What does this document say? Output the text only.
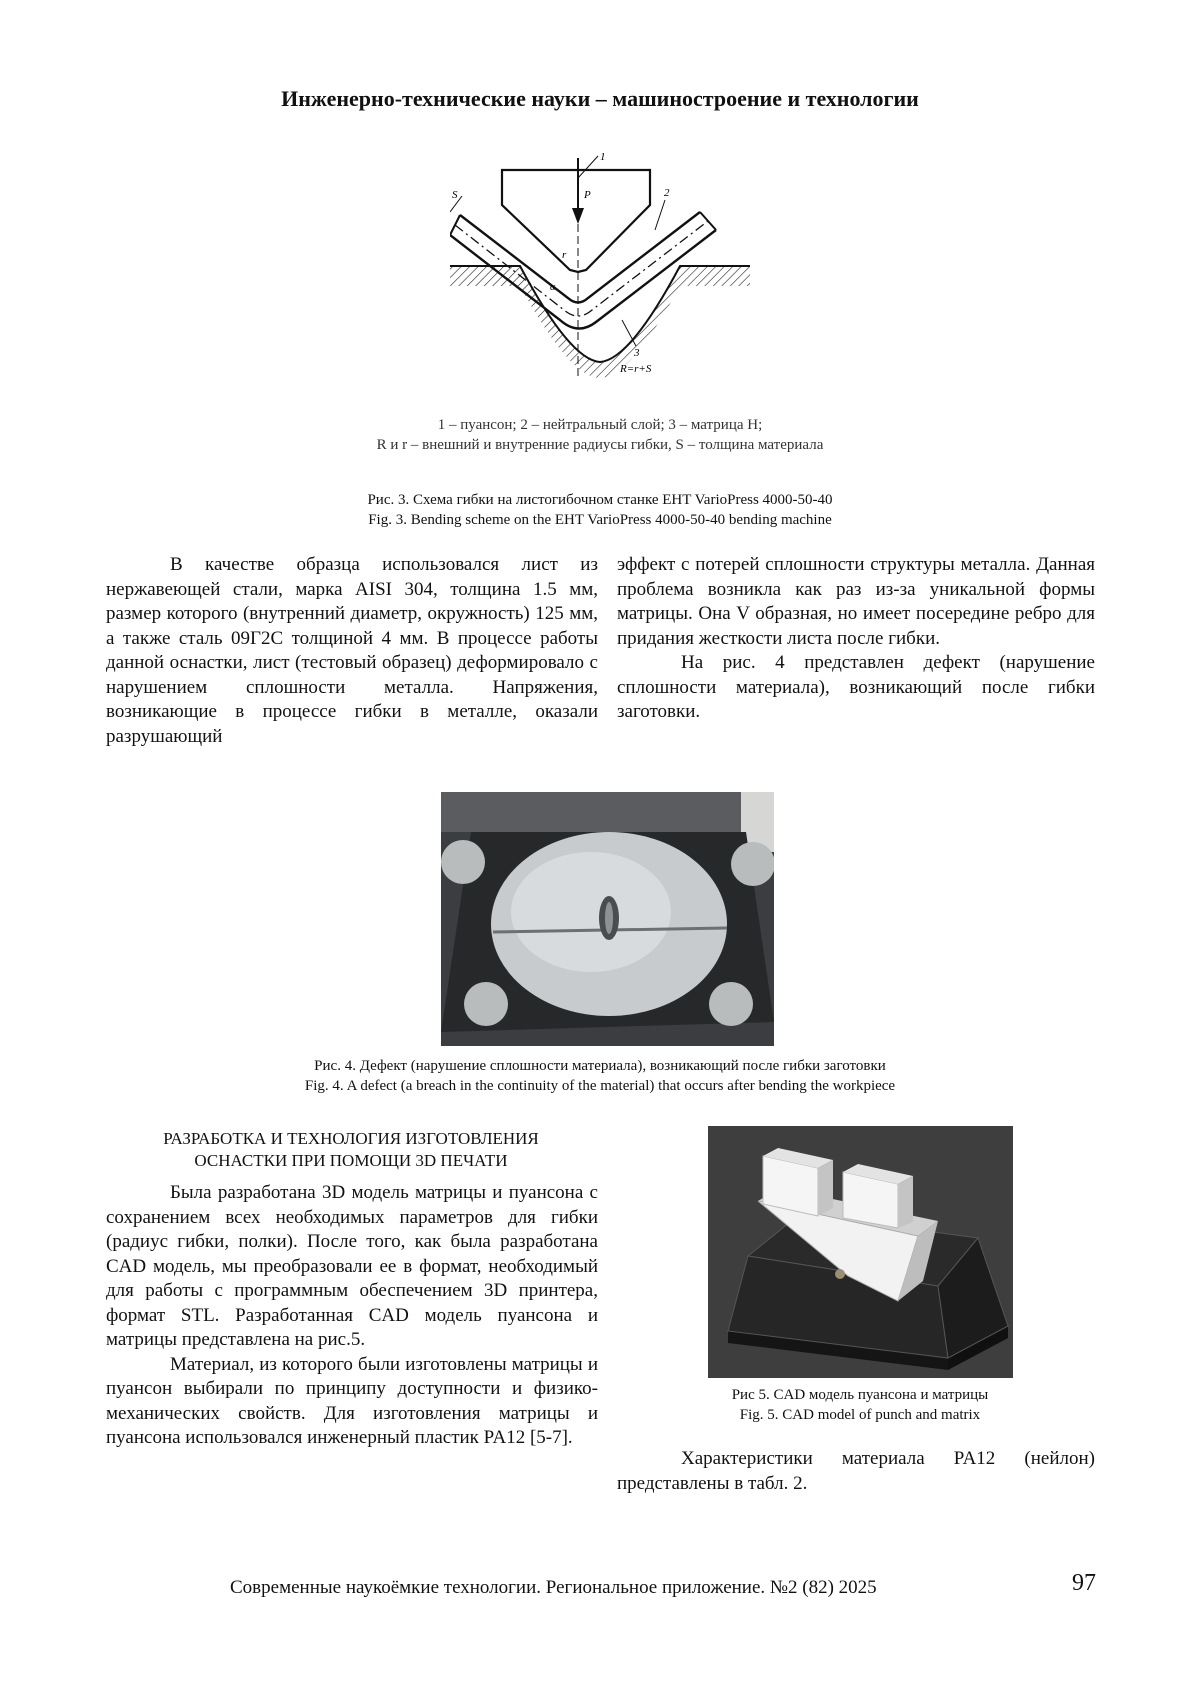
Инженерно-технические науки – машиностроение и технологии
1
2
3
S	P
r
α
R=r+S
1 – пуансон; 2 – нейтральный слой; 3 – матрица H;
R и r – внешний и внутренние радиусы гибки, S – толщина материала
Рис. 3. Схема гибки на листогибочном станке EHT VarioPress 4000-50-40
Fig. 3. Bending scheme on the EHT VarioPress 4000-50-40 bending machine

В качестве образца использовался лист из нержавеющей стали, марка AISI 304, толщина 1.5 мм, размер которого (внутренний диаметр, окружность) 125 мм, а также сталь 09Г2С толщиной 4 мм. В процессе работы данной оснастки, лист (тестовый образец) деформировало с нарушением сплошности металла. Напряжения, возникающие в процессе гибки в металле, оказали разрушающий

эффект с потерей сплошности структуры металла. Данная проблема возникла как раз из-за уникальной формы матрицы. Она V образная, но имеет посередине ребро для придания жесткости листа после гибки.

На рис. 4 представлен дефект (нарушение сплошности материала), возникающий после гибки заготовки.

Рис. 4. Дефект (нарушение сплошности материала), возникающий после гибки заготовки
Fig. 4. A defect (a breach in the continuity of the material) that occurs after bending the workpiece
РАЗРАБОТКА И ТЕХНОЛОГИЯ ИЗГОТОВЛЕНИЯ
ОСНАСТКИ ПРИ ПОМОЩИ 3D ПЕЧАТИ

Была разработана 3D модель матрицы и пуансона с сохранением всех необходимых параметров для гибки (радиус гибки, полки). После того, как была разработана CAD модель, мы преобразовали ее в формат, необходимый для работы с программным обеспечением 3D принтера, формат STL. Разработанная CAD модель пуансона и матрицы представлена на рис.5.

Материал, из которого были изготовлены матрицы и пуансон выбирали по принципу доступности и физико-механических свойств. Для изготовления матрицы и пуансона использовался инженерный пластик PA12 [5-7].

Рис 5. CAD модель пуансона и матрицы
Fig. 5. CAD model of punch and matrix

Характеристики материала PA12 (нейлон) представлены в табл. 2.

Современные наукоёмкие технологии. Региональное приложение. №2 (82) 2025	97
